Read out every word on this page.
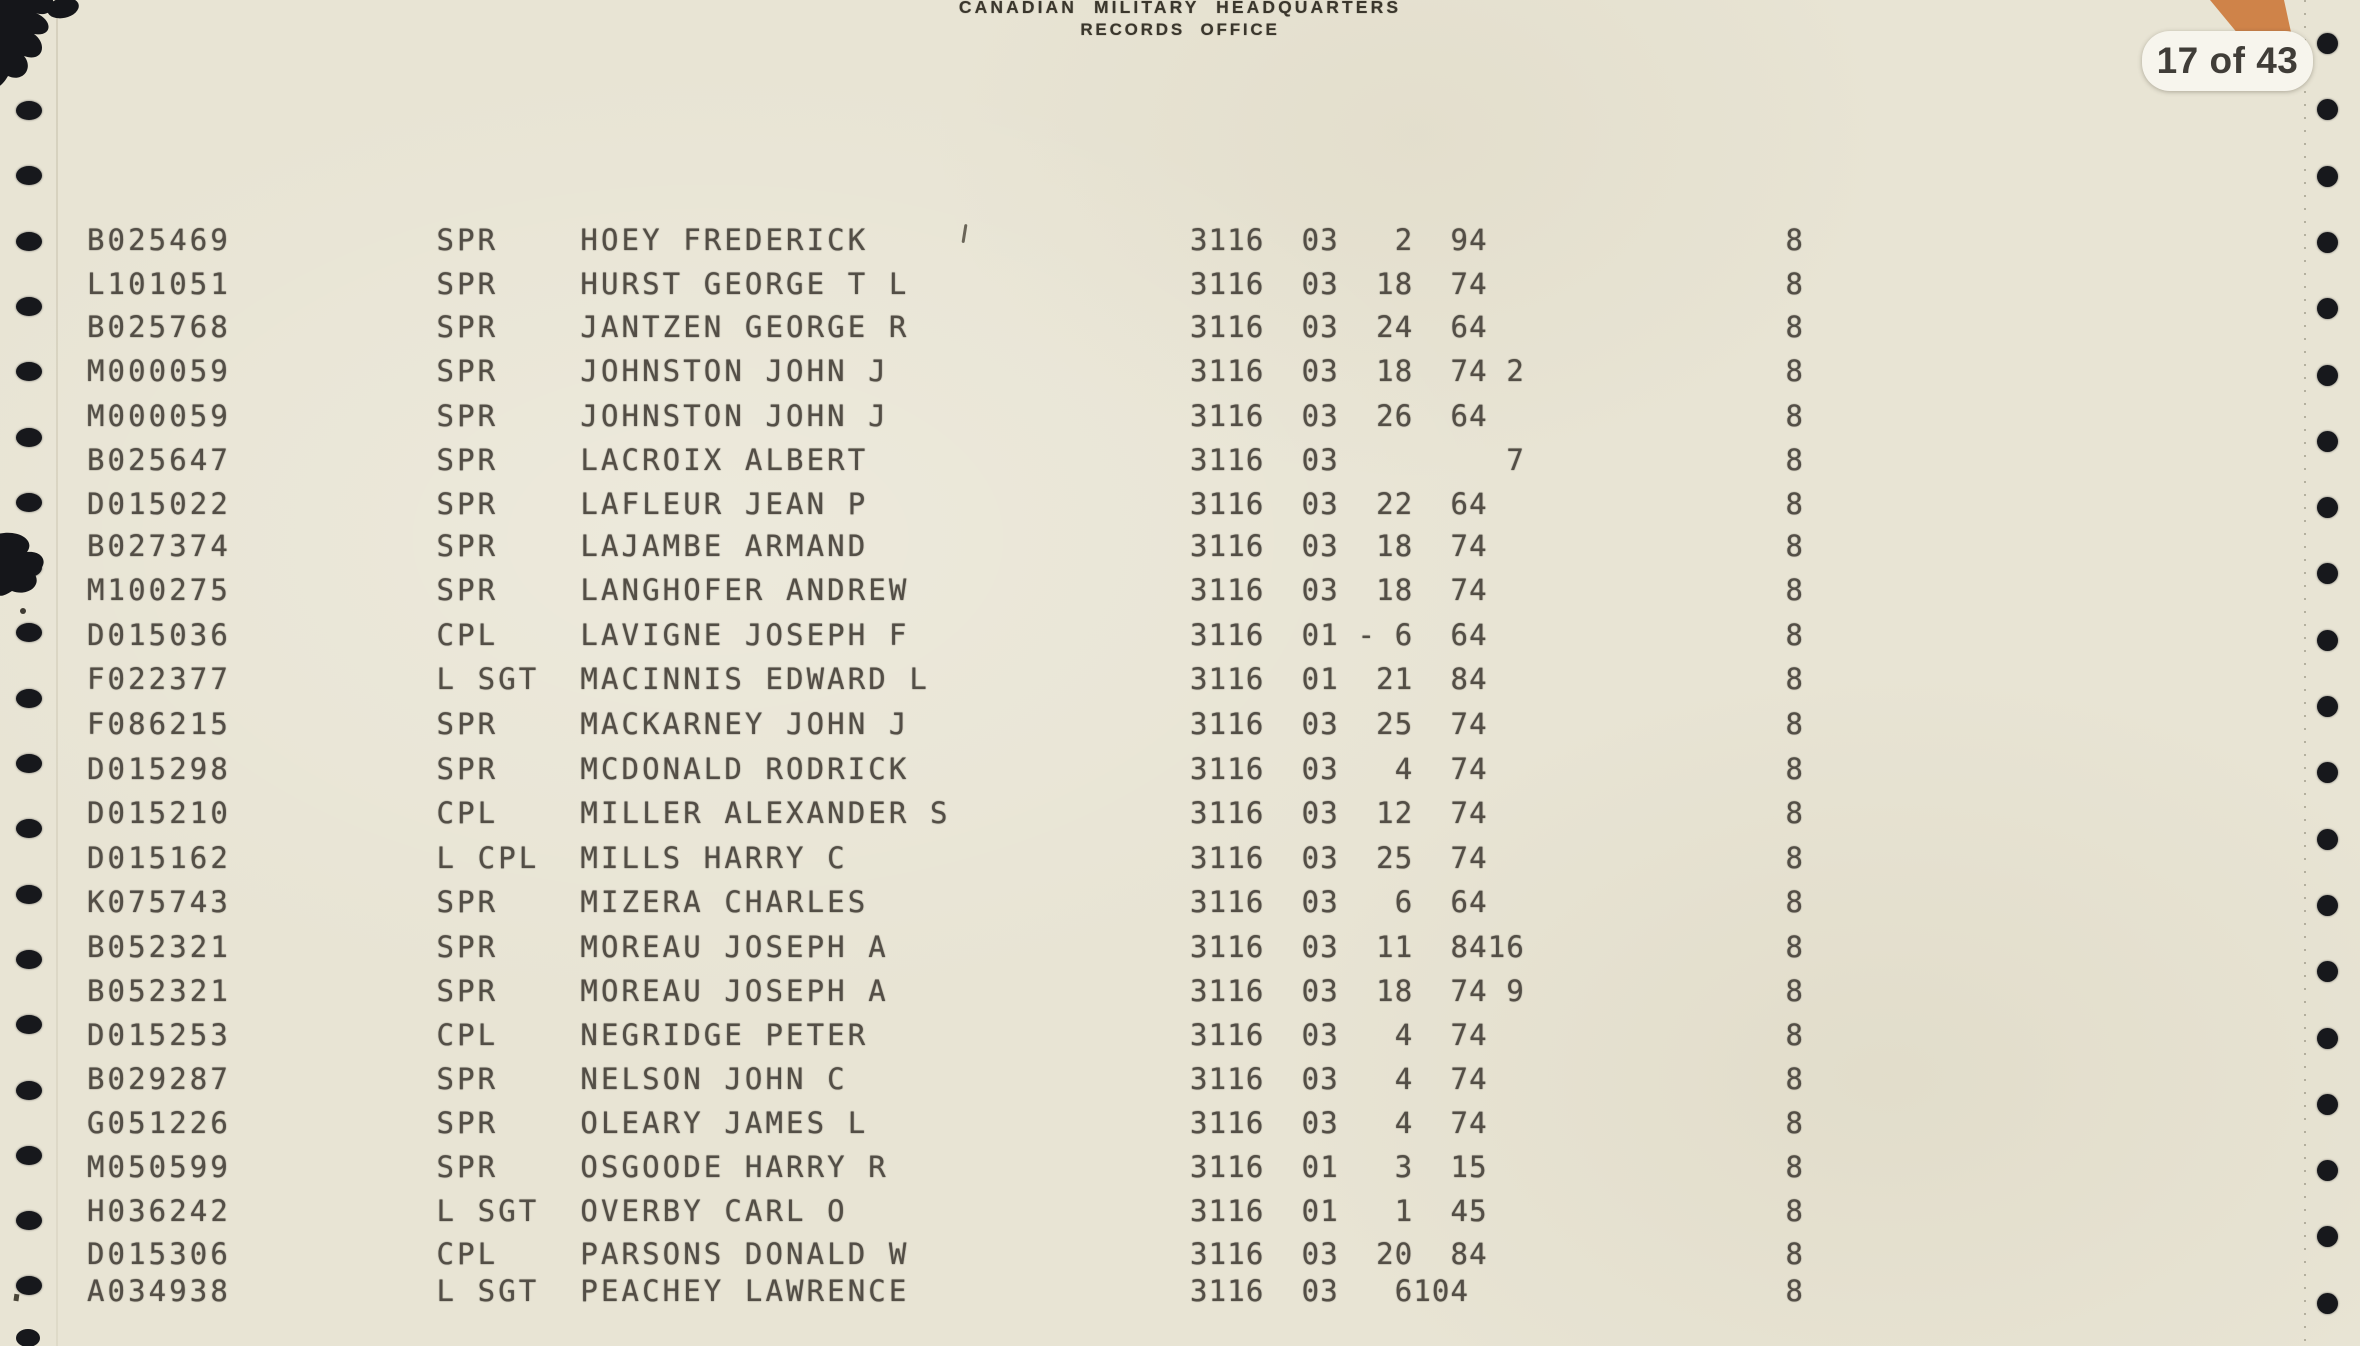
CANADIAN MILITARY HEADQUARTERS
RECORDS OFFICE
B025469          SPR    HOEY FREDERICK	3116  03   2  94                8
L101051          SPR    HURST GEORGE T L	3116  03  18  74                8
B025768          SPR    JANTZEN GEORGE R	3116  03  24  64                8
M000059          SPR    JOHNSTON JOHN J	3116  03  18  74 2              8
M000059          SPR    JOHNSTON JOHN J	3116  03  26  64                8
B025647          SPR    LACROIX ALBERT	3116  03         7              8
D015022          SPR    LAFLEUR JEAN P	3116  03  22  64                8
B027374          SPR    LAJAMBE ARMAND	3116  03  18  74                8
M100275          SPR    LANGHOFER ANDREW	3116  03  18  74                8
D015036          CPL    LAVIGNE JOSEPH F	3116  01 - 6  64                8
F022377          L SGT  MACINNIS EDWARD L	3116  01  21  84                8
F086215          SPR    MACKARNEY JOHN J	3116  03  25  74                8
D015298          SPR    MCDONALD RODRICK	3116  03   4  74                8
D015210          CPL    MILLER ALEXANDER S	3116  03  12  74                8
D015162          L CPL  MILLS HARRY C	3116  03  25  74                8
K075743          SPR    MIZERA CHARLES	3116  03   6  64                8
B052321          SPR    MOREAU JOSEPH A	3116  03  11  8416              8
B052321          SPR    MOREAU JOSEPH A	3116  03  18  74 9              8
D015253          CPL    NEGRIDGE PETER	3116  03   4  74                8
B029287          SPR    NELSON JOHN C	3116  03   4  74                8
G051226          SPR    OLEARY JAMES L	3116  03   4  74                8
M050599          SPR    OSGOODE HARRY R	3116  01   3  15                8
H036242          L SGT  OVERBY CARL O	3116  01   1  45                8
D015306          CPL    PARSONS DONALD W	3116  03  20  84                8
A034938          L SGT  PEACHEY LAWRENCE	3116  03   6104                 8
17 of 43
